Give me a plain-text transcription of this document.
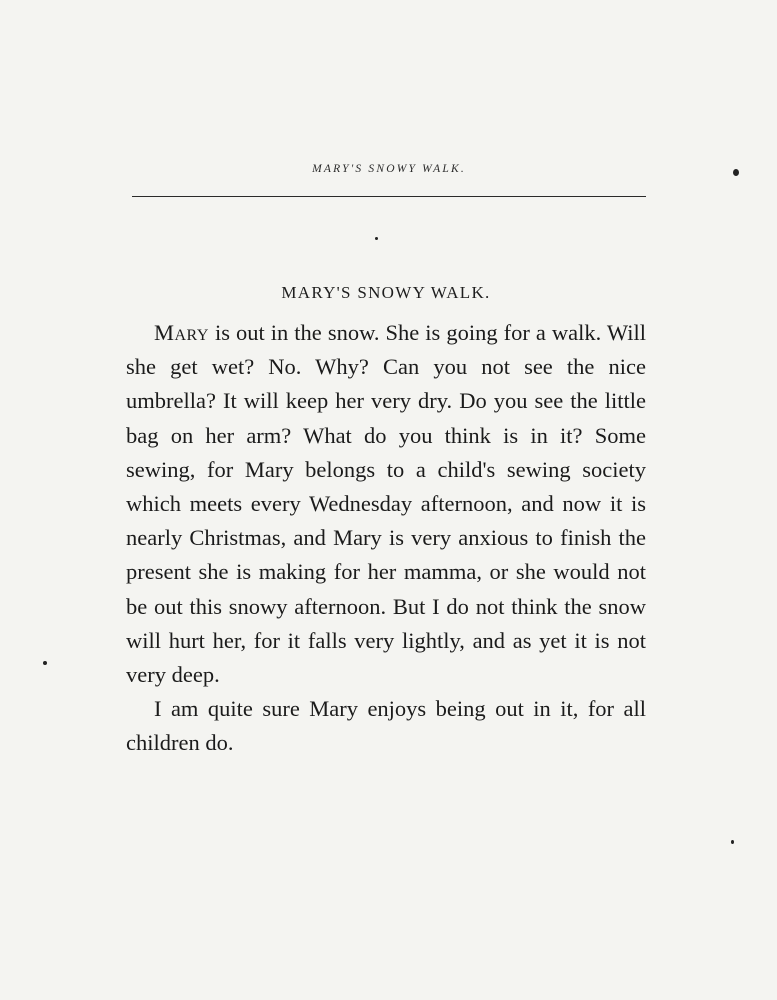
MARY'S SNOWY WALK.
MARY'S SNOWY WALK.

Mary is out in the snow. She is going for a walk. Will she get wet? No. Why? Can you not see the nice umbrella? It will keep her very dry. Do you see the little bag on her arm? What do you think is in it? Some sewing, for Mary belongs to a child's sewing society which meets every Wednesday afternoon, and now it is nearly Christmas, and Mary is very anxious to finish the present she is making for her mamma, or she would not be out this snowy afternoon. But I do not think the snow will hurt her, for it falls very lightly, and as yet it is not very deep.

I am quite sure Mary enjoys being out in it, for all children do.
